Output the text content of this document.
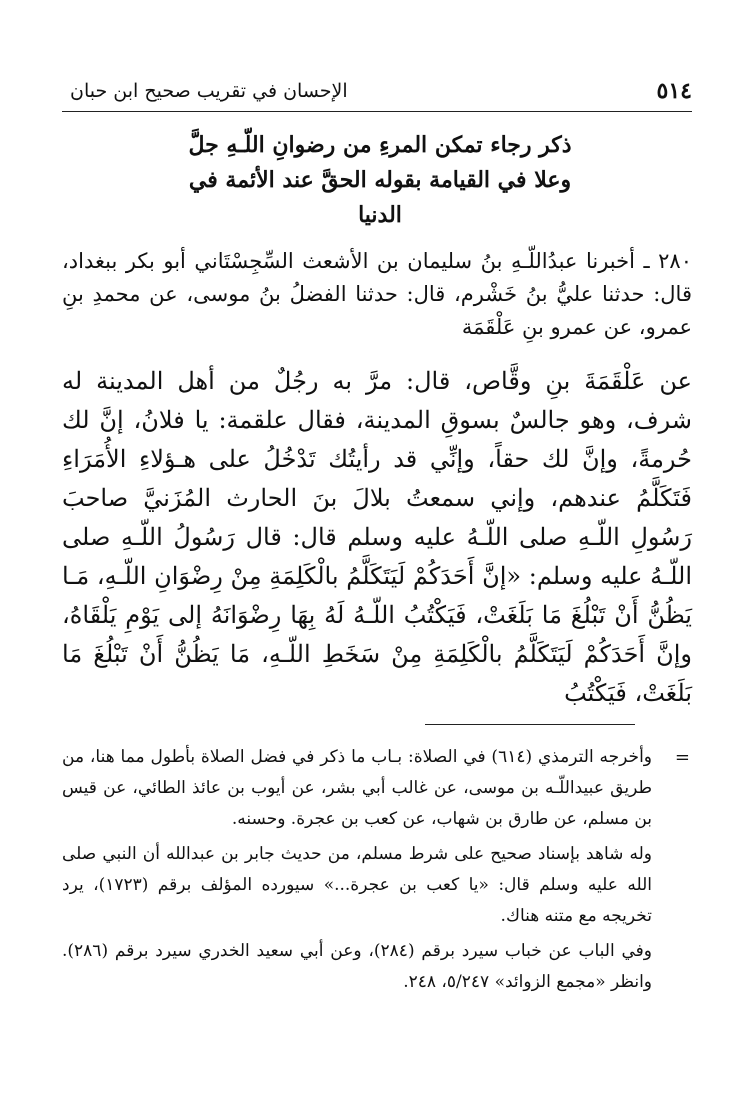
٥١٤
الإحسان في تقريب صحيح ابن حبان
ذكر رجاء تمكن المرءِ من رضوانِ اللّـهِ جلَّ
وعلا في القيامة بقوله الحقَّ عند الأئمة في
الدنيا

٢٨٠ ـ أخبرنا عبدُاللّـهِ بنُ سليمان بن الأشعث السِّجِسْتَاني أبو بكر ببغداد، قال: حدثنا عليُّ بنُ خَشْرم، قال: حدثنا الفضلُ بنُ موسى، عن محمدِ بنِ عمرو، عن عمرو بنِ عَلْقَمَة

عن عَلْقَمَةَ بنِ وقَّاص، قال: مرَّ به رجُلٌ من أهل المدينة له شرف، وهو جالسٌ بسوقِ المدينة، فقال علقمة: يا فلانُ، إنَّ لك حُرمةً، وإنَّ لك حقاً، وإنِّي قد رأيتُك تَدْخُلُ على هـؤلاءِ الأُمَرَاءِ فَتَكَلَّمُ عندهم، وإني سمعتُ بلالَ بنَ الحارث المُزَنيَّ صاحبَ رَسُولِ اللّـهِ صلى اللّـهُ عليه وسلم قال: قال رَسُولُ اللّـهِ صلى اللّـهُ عليه وسلم: «إنَّ أَحَدَكُمْ لَيَتَكَلَّمُ بالْكَلِمَةِ مِنْ رِضْوَانِ اللّـهِ، مَـا يَظُنُّ أَنْ تَبْلُغَ مَا بَلَغَتْ، فَيَكْتُبُ اللّـهُ لَهُ بِهَا رِضْوَانَهُ إلى يَوْمِ يَلْقَاهُ، وإنَّ أَحَدَكُمْ لَيَتَكَلَّمُ بالْكَلِمَةِ مِنْ سَخَطِ اللّـهِ، مَا يَظُنُّ أَنْ تَبْلُغَ مَا بَلَغَتْ، فَيَكْتُبُ

=
وأخرجه الترمذي (٦١٤) في الصلاة: بـاب ما ذكر في فضل الصلاة بأطول مما هنا، من طريق عبيداللّـه بن موسى، عن غالب أبي بشر، عن أيوب بن عائذ الطائي، عن قيس بن مسلم، عن طارق بن شهاب، عن كعب بن عجرة. وحسنه.

وله شاهد بإسناد صحيح على شرط مسلم، من حديث جابر بن عبدالله أن النبي صلى الله عليه وسلم قال: «يا كعب بن عجرة...» سيورده المؤلف برقم (١٧٢٣)، يرد تخريجه مع متنه هناك.

وفي الباب عن خباب سيرد برقم (٢٨٤)، وعن أبي سعيد الخدري سيرد برقم (٢٨٦). وانظر «مجمع الزوائد» ٥/٢٤٧، ٢٤٨.
